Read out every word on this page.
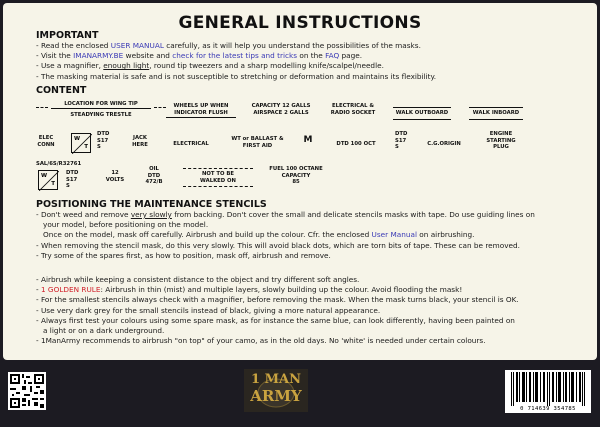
GENERAL INSTRUCTIONS
IMPORTANT

- Read the enclosed USER MANUAL carefully, as it will help you understand the possibilities of the masks.

- Visit the IMANARMY.BE website and check for the latest tips and tricks on the FAQ page.

- Use a magnifier, enough light, round tip tweezers and a sharp modelling knife/scalpel/needle.

- The masking material is safe and is not susceptible to stretching or deformation and maintains its flexibility.

CONTENT
LOCATION FOR WING TIP
STEADYING TRESTLE
WHEELS UP WHEN
INDICATOR FLUSH
CAPACITY 12 GALLS
AIRSPACE 2 GALLS
ELECTRICAL &
RADIO SOCKET	WALK OUTBOARD	WALK INBOARD
ELEC
CONN
W
T
DTD
S17
S
JACK
HERE	ELECTRICAL
WT or BALLAST &
FIRST AID
M	DTD 100 OCT
DTD
S17
S	C.G.ORIGIN
ENGINE
STARTING
PLUG
SAL/6S/R32761
W
T
DTD
S17
S
12
VOLTS
OIL
DTD
472/B
NOT TO BE
WALKED ON
FUEL 100 OCTANE
CAPACITY
85
POSITIONING THE MAINTENANCE STENCILS

- Don't weed and remove very slowly from backing. Don't cover the small and delicate stencils masks with tape. Do use guiding lines on

your model, before positioning on the model.

Once on the model, mask off carefully. Airbrush and build up the colour. Cfr. the enclosed User Manual on airbrushing.

- When removing the stencil mask, do this very slowly. This will avoid black dots, which are torn bits of tape. These can be removed.

- Try some of the spares first, as how to position, mask off, airbrush and remove.

- Airbrush while keeping a consistent distance to the object and try different soft angles.

- 1 GOLDEN RULE: Airbrush in thin (mist) and multiple layers, slowly building up the colour. Avoid flooding the mask!

- For the smallest stencils always check with a magnifier, before removing the mask. When the mask turns black, your stencil is OK.

- Use very dark grey for the small stencils instead of black, giving a more natural appearance.

- Always first test your colours using some spare mask, as for instance the same blue, can look differently, having been painted on

a light or on a dark underground.

- 1ManArmy recommends to airbrush "on top" of your camo, as in the old days. No 'white' is needed under certain colours.

1 MAN
ARMY
0 714639 354785
